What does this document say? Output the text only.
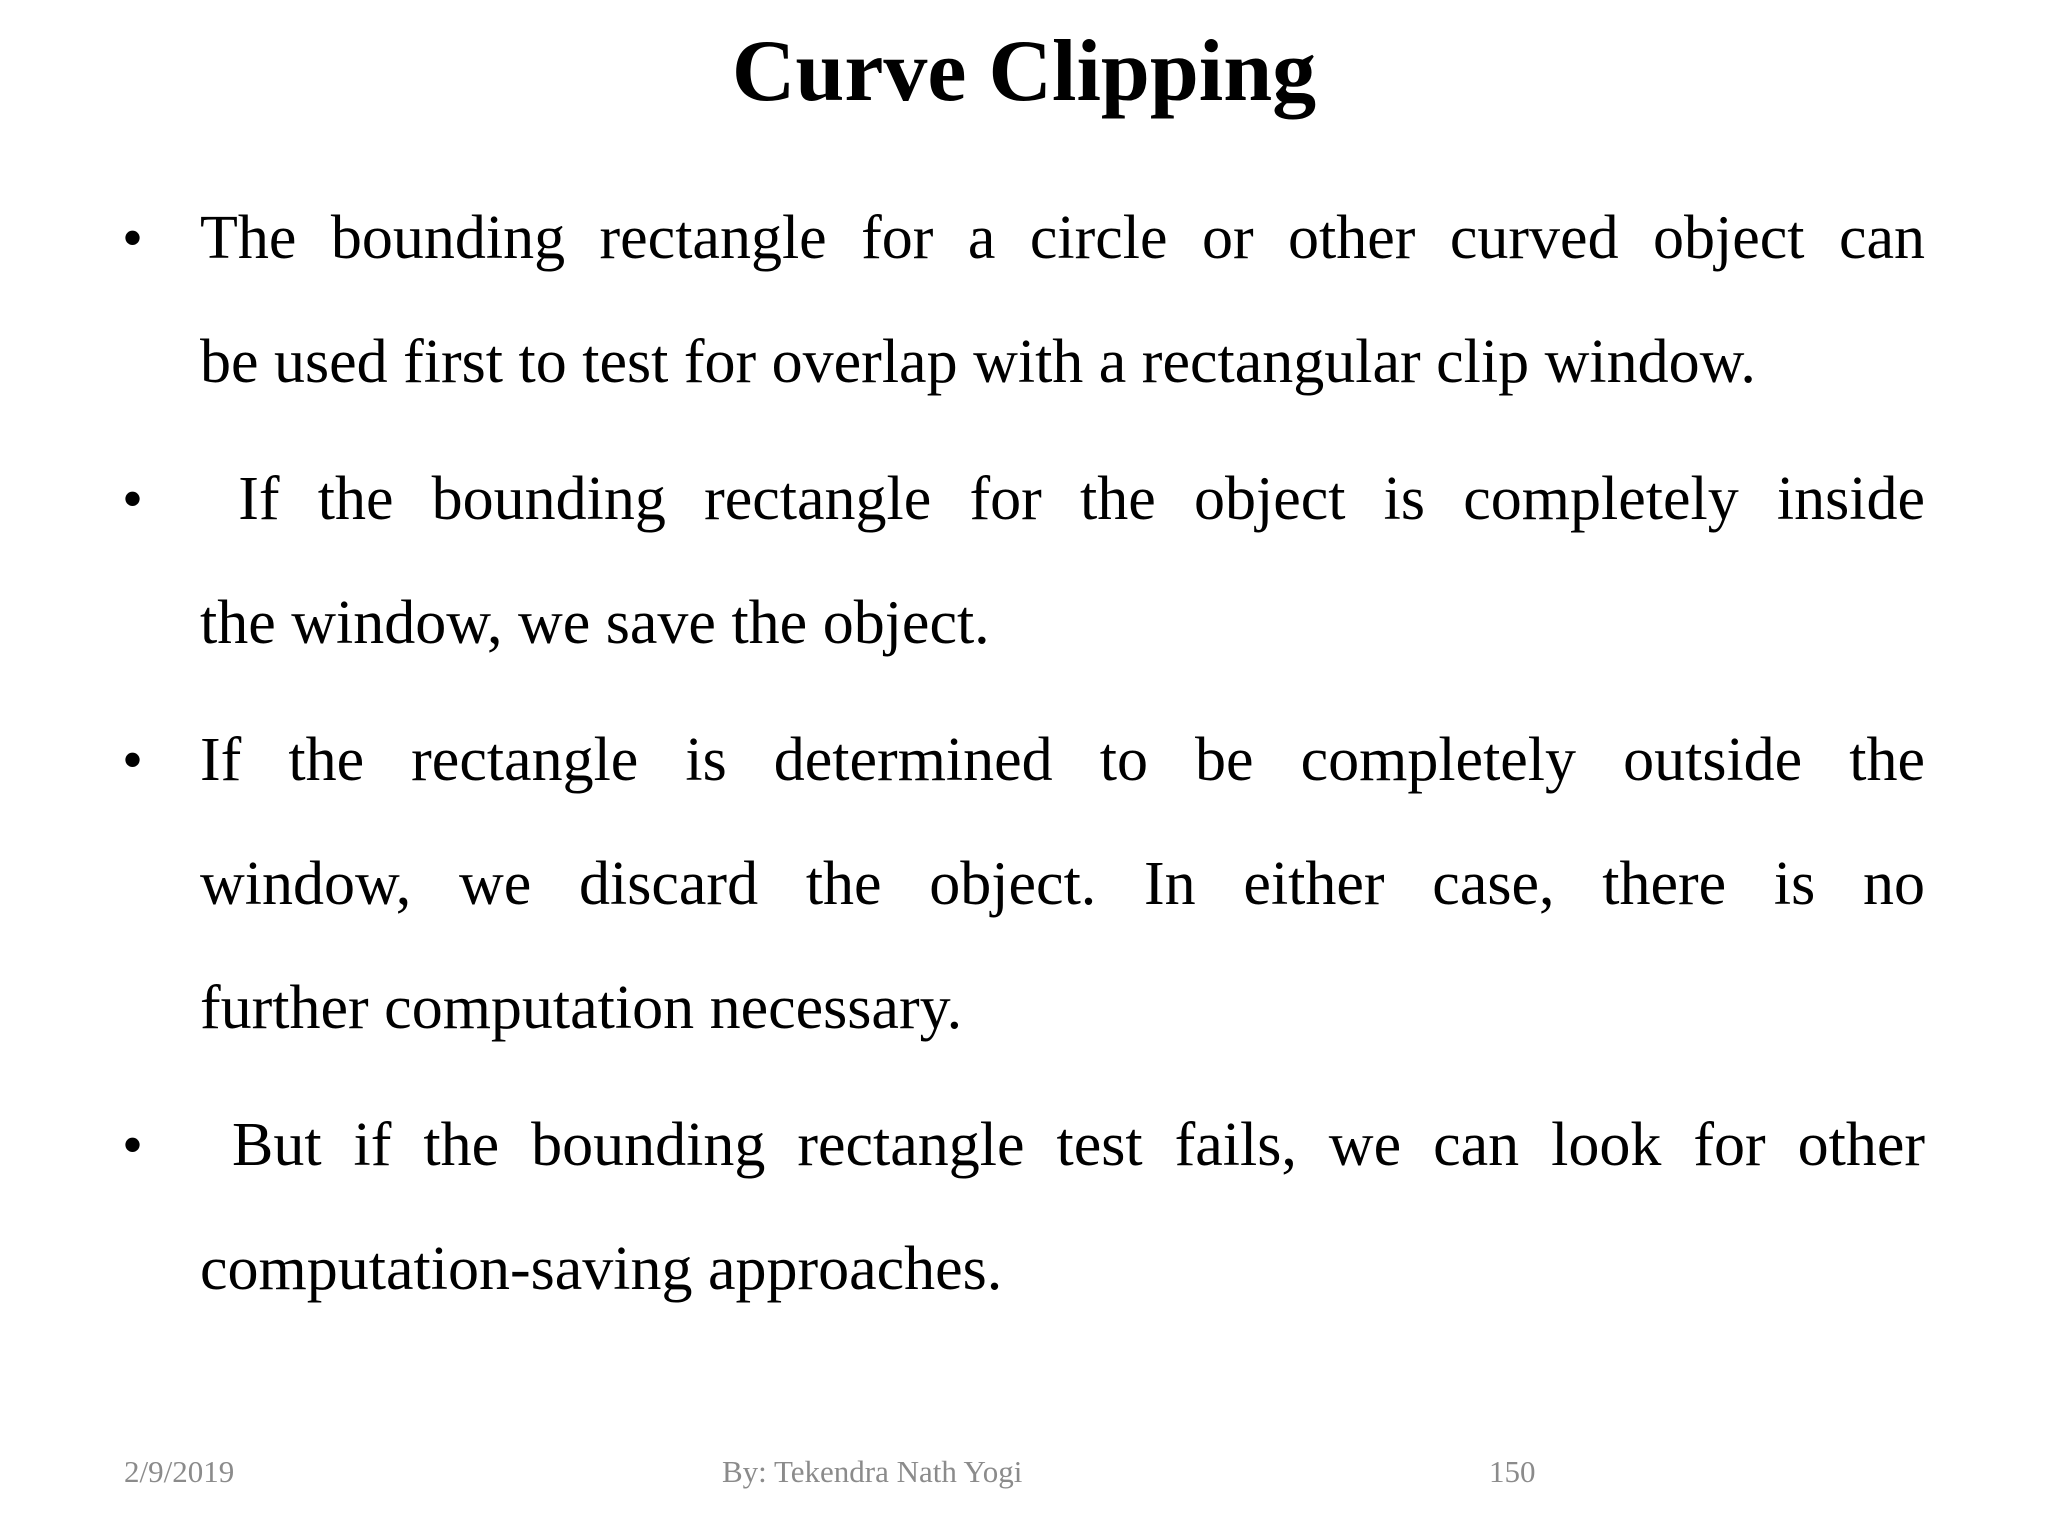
Curve Clipping
• The bounding rectangle for a circle or other curved object can
be used first to test for overlap with a rectangular clip window.
• If the bounding rectangle for the object is completely inside
the window, we save the object.
• If the rectangle is determined to be completely outside the
window, we discard the object. In either case, there is no
further computation necessary.
• But if the bounding rectangle test fails, we can look for other
computation-saving approaches.
2/9/2019	By: Tekendra Nath Yogi	150
